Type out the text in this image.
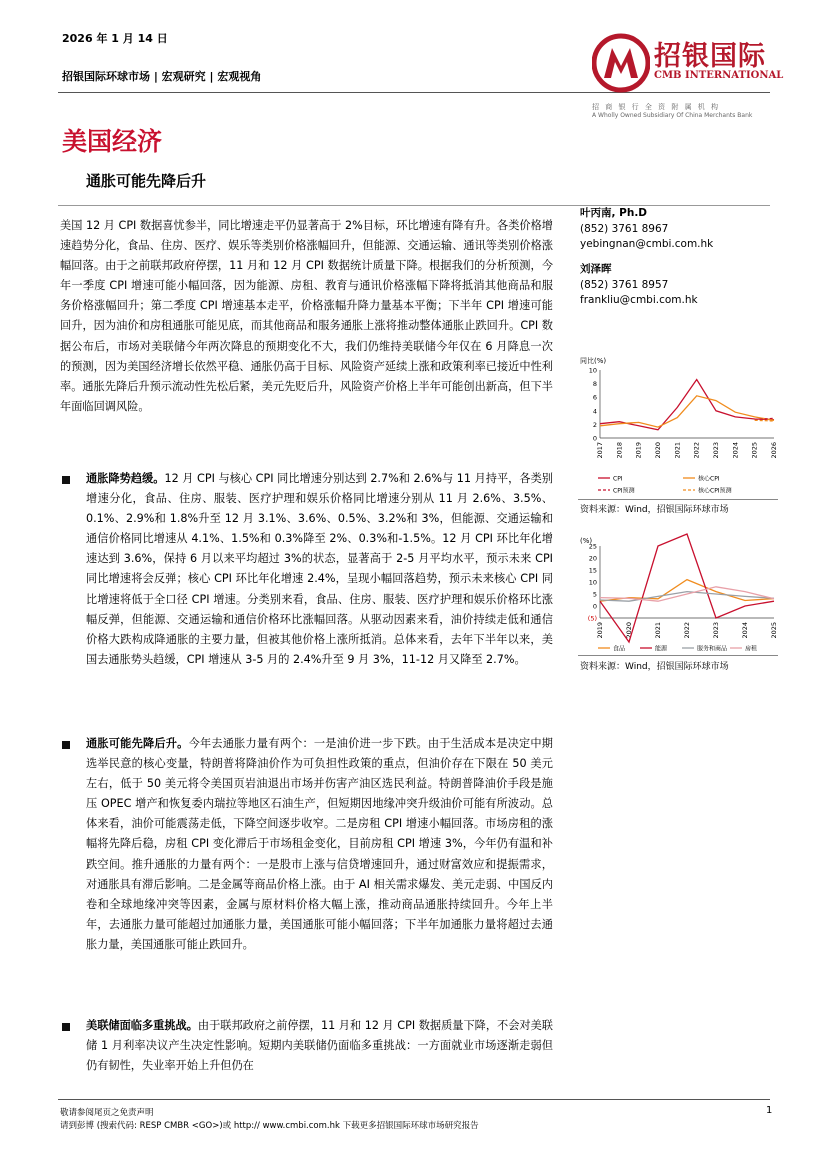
2026 年 1 月 14 日
招银国际环球市场 | 宏观研究 | 宏观视角
招银国际
CMB INTERNATIONAL
招 商 银 行 全 资 附 属 机 构
A Wholly Owned Subsidiary Of China Merchants Bank
美国经济
通胀可能先降后升
美国 12 月 CPI 数据喜忧参半，同比增速走平仍显著高于 2%目标，环比增速有降有升。各类价格增速趋势分化，食品、住房、医疗、娱乐等类别价格涨幅回升，但能源、交通运输、通讯等类别价格涨幅回落。由于之前联邦政府停摆，11 月和 12 月 CPI 数据统计质量下降。根据我们的分析预测，今年一季度 CPI 增速可能小幅回落，因为能源、房租、教育与通讯价格涨幅下降将抵消其他商品和服务价格涨幅回升；第二季度 CPI 增速基本走平，价格涨幅升降力量基本平衡；下半年 CPI 增速可能回升，因为油价和房租通胀可能见底，而其他商品和服务通胀上涨将推动整体通胀止跌回升。CPI 数据公布后，市场对美联储今年两次降息的预期变化不大，我们仍维持美联储今年仅在 6 月降息一次的预测，因为美国经济增长依然平稳、通胀仍高于目标、风险资产延续上涨和政策利率已接近中性利率。通胀先降后升预示流动性先松后紧，美元先贬后升，风险资产价格上半年可能创出新高，但下半年面临回调风险。
通胀降势趋缓。12 月 CPI 与核心 CPI 同比增速分别达到 2.7%和 2.6%与 11 月持平，各类别增速分化，食品、住房、服装、医疗护理和娱乐价格同比增速分别从 11 月 2.6%、3.5%、0.1%、2.9%和 1.8%升至 12 月 3.1%、3.6%、0.5%、3.2%和 3%，但能源、交通运输和通信价格同比增速从 4.1%、1.5%和 0.3%降至 2%、0.3%和-1.5%。12 月 CPI 环比年化增速达到 3.6%，保持 6 月以来平均超过 3%的状态，显著高于 2-5 月平均水平，预示未来 CPI 同比增速将会反弹；核心 CPI 环比年化增速 2.4%，呈现小幅回落趋势，预示未来核心 CPI 同比增速将低于全口径 CPI 增速。分类别来看，食品、住房、服装、医疗护理和娱乐价格环比涨幅反弹，但能源、交通运输和通信价格环比涨幅回落。从驱动因素来看，油价持续走低和通信价格大跌构成降通胀的主要力量，但被其他价格上涨所抵消。总体来看，去年下半年以来，美国去通胀势头趋缓，CPI 增速从 3-5 月的 2.4%升至 9 月 3%，11-12 月又降至 2.7%。
通胀可能先降后升。今年去通胀力量有两个：一是油价进一步下跌。由于生活成本是决定中期选举民意的核心变量，特朗普将降油价作为可负担性政策的重点，但油价存在下限在 50 美元左右，低于 50 美元将令美国页岩油退出市场并伤害产油区选民利益。特朗普降油价手段是施压 OPEC 增产和恢复委内瑞拉等地区石油生产，但短期因地缘冲突升级油价可能有所波动。总体来看，油价可能震荡走低，下降空间逐步收窄。二是房租 CPI 增速小幅回落。市场房租的涨幅将先降后稳，房租 CPI 变化滞后于市场租金变化，目前房租 CPI 增速 3%，今年仍有温和补跌空间。推升通胀的力量有两个：一是股市上涨与信贷增速回升，通过财富效应和提振需求，对通胀具有滞后影响。二是金属等商品价格上涨。由于 AI 相关需求爆发、美元走弱、中国反内卷和全球地缘冲突等因素，金属与原材料价格大幅上涨，推动商品通胀持续回升。今年上半年，去通胀力量可能超过加通胀力量，美国通胀可能小幅回落；下半年加通胀力量将超过去通胀力量，美国通胀可能止跌回升。
美联储面临多重挑战。由于联邦政府之前停摆，11 月和 12 月 CPI 数据质量下降，不会对美联储 1 月利率决议产生决定性影响。短期内美联储仍面临多重挑战：一方面就业市场逐渐走弱但仍有韧性，失业率开始上升但仍在
叶丙南, Ph.D
(852) 3761 8967
yebingnan@cmbi.com.hk
刘泽晖
(852) 3761 8957
frankliu@cmbi.com.hk
同比(%)
10
8
6
4
2
0
2017 2018 2019 2020 2021 2022 2023 2024 2025 2026
CPI	核心CPI
CPI预测	核心CPI预测
资料来源：Wind，招银国际环球市场
(%)
25
20
15
10
5
0
(5)
2019	2020	2021	2022	2023	2024	2025
食品	能源	服务和商品	房租
资料来源：Wind，招银国际环球市场
敬请参阅尾页之免责声明
请到彭博 (搜索代码: RESP CMBR <GO>)或 http:// www.cmbi.com.hk 下载更多招银国际环球市场研究报告
1
